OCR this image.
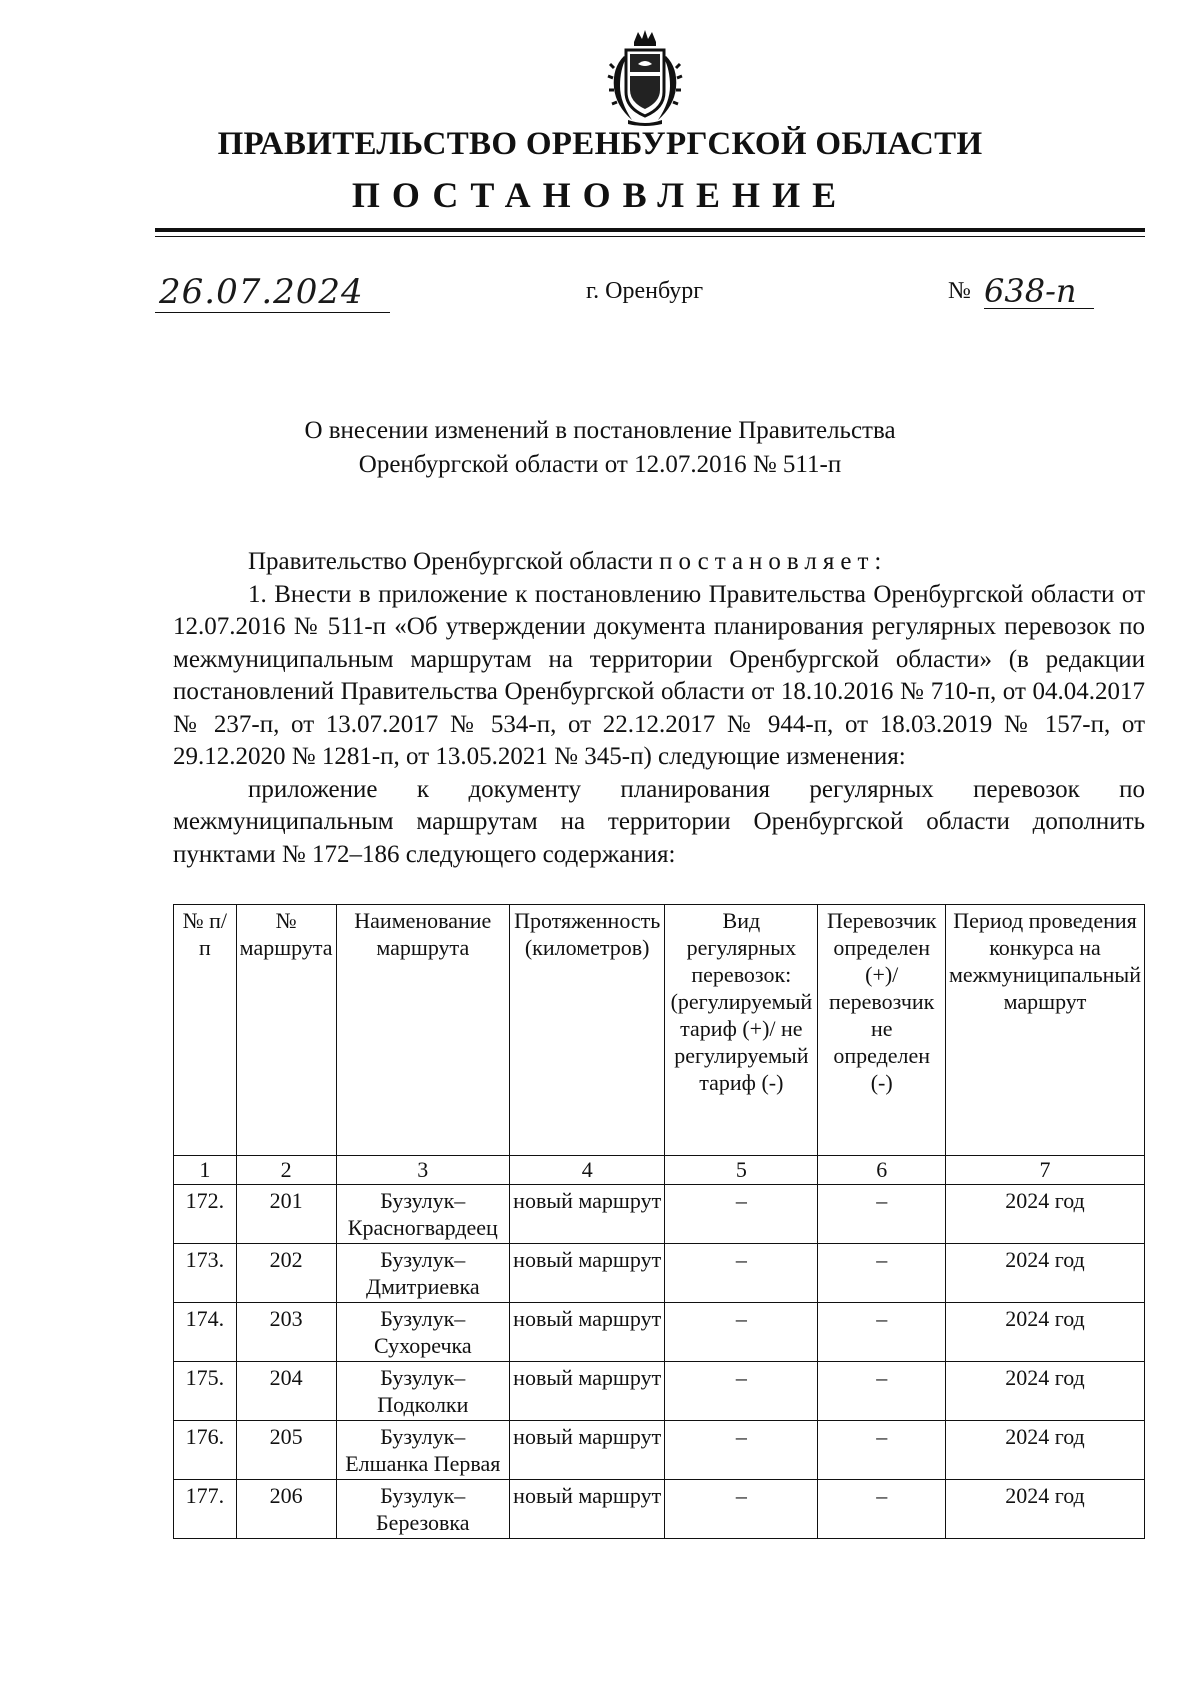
ПРАВИТЕЛЬСТВО ОРЕНБУРГСКОЙ ОБЛАСТИ
ПОСТАНОВЛЕНИЕ
26.07.2024	г. Оренбург	№ 638-п
О внесении изменений в постановление Правительства
Оренбургской области от 12.07.2016 № 511-п

Правительство Оренбургской области постановляет:

1. Внести в приложение к постановлению Правительства Оренбургской области от 12.07.2016 № 511-п «Об утверждении документа планирования регулярных перевозок по межмуниципальным маршрутам на территории Оренбургской области» (в редакции постановлений Правительства Оренбургской области от 18.10.2016 № 710-п, от 04.04.2017 № 237-п, от 13.07.2017 № 534-п, от 22.12.2017 № 944-п, от 18.03.2019 № 157-п, от 29.12.2020 № 1281-п, от 13.05.2021 № 345-п) следующие изменения:

приложение к документу планирования регулярных перевозок по межмуниципальным маршрутам на территории Оренбургской области дополнить пунктами № 172–186 следующего содержания:

№ п/п	№ маршрута	Наименование маршрута	Протяженность (километров)	Вид регулярных перевозок: (регулируемый тариф (+)/ не регулируемый тариф (-)	Перевозчик определен (+)/ перевозчик не определен (-)	Период проведения конкурса на межмуниципальный маршрут
1	2	3	4	5	6	7
172.	201	Бузулук–Красногвардеец	новый маршрут	–	–	2024 год
173.	202	Бузулук–Дмитриевка	новый маршрут	–	–	2024 год
174.	203	Бузулук–Сухоречка	новый маршрут	–	–	2024 год
175.	204	Бузулук–Подколки	новый маршрут	–	–	2024 год
176.	205	Бузулук–Елшанка Первая	новый маршрут	–	–	2024 год
177.	206	Бузулук–Березовка	новый маршрут	–	–	2024 год
